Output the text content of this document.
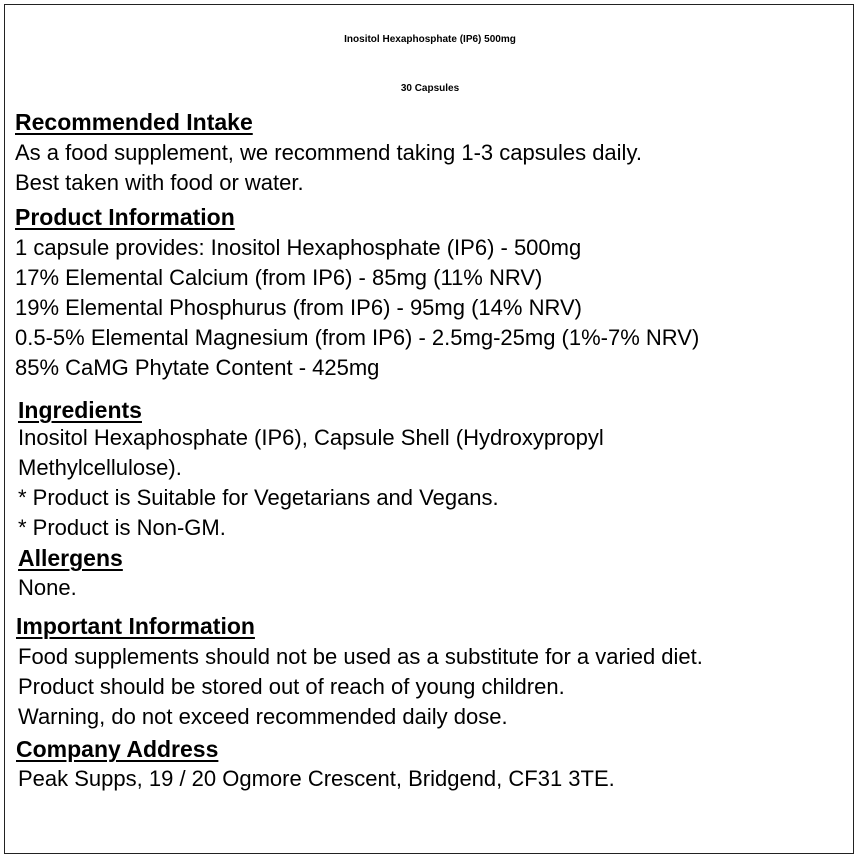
Inositol Hexaphosphate (IP6) 500mg
30 Capsules
Recommended Intake
As a food supplement, we recommend taking 1-3 capsules daily.
Best taken with food or water.
Product Information
1 capsule provides: Inositol Hexaphosphate (IP6) - 500mg
17% Elemental Calcium (from IP6) - 85mg (11% NRV)
19% Elemental Phosphurus (from IP6) - 95mg (14% NRV)
0.5-5% Elemental Magnesium (from IP6) - 2.5mg-25mg (1%-7% NRV)
85% CaMG Phytate Content - 425mg
Ingredients
Inositol Hexaphosphate (IP6), Capsule Shell (Hydroxypropyl
Methylcellulose).
* Product is Suitable for Vegetarians and Vegans.
* Product is Non-GM.
Allergens
None.
Important Information
Food supplements should not be used as a substitute for a varied diet.
Product should be stored out of reach of young children.
Warning, do not exceed recommended daily dose.
Company Address
Peak Supps, 19 / 20 Ogmore Crescent, Bridgend, CF31 3TE.
